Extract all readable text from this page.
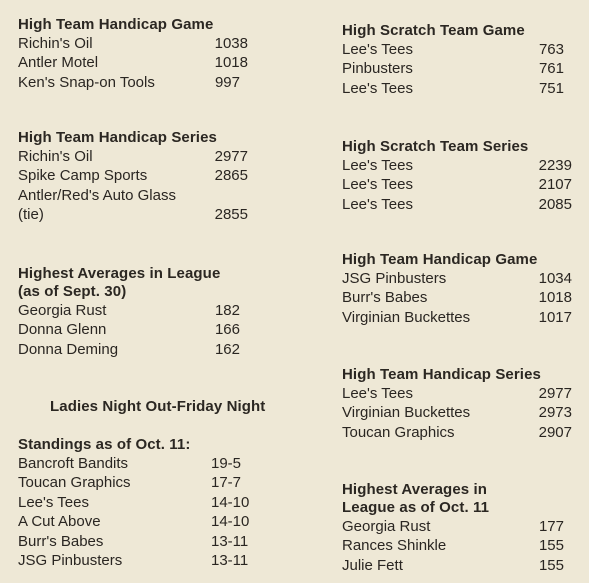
High Team Handicap Game
Richin's Oil	1038
Antler Motel	1018
Ken's Snap-on Tools	997
High Team Handicap Series
Richin's Oil	2977
Spike Camp Sports	2865
Antler/Red's Auto Glass
(tie)	2855
Highest Averages in League
(as of Sept. 30)
Georgia Rust	182
Donna Glenn	166
Donna Deming	162
Ladies Night Out-Friday Night
Standings as of Oct. 11:
Bancroft Bandits	19-5
Toucan Graphics	17-7
Lee's Tees	14-10
A Cut Above	14-10
Burr's Babes	13-11
JSG Pinbusters	13-11
High Scratch Team Game
Lee's Tees	763
Pinbusters	761
Lee's Tees	751
High Scratch Team Series
Lee's Tees	2239
Lee's Tees	2107
Lee's Tees	2085
High Team Handicap Game
JSG Pinbusters	1034
Burr's Babes	1018
Virginian Buckettes	1017
High Team Handicap Series
Lee's Tees	2977
Virginian Buckettes	2973
Toucan Graphics	2907
Highest Averages in
League as of Oct. 11
Georgia Rust	177
Rances Shinkle	155
Julie Fett	155
